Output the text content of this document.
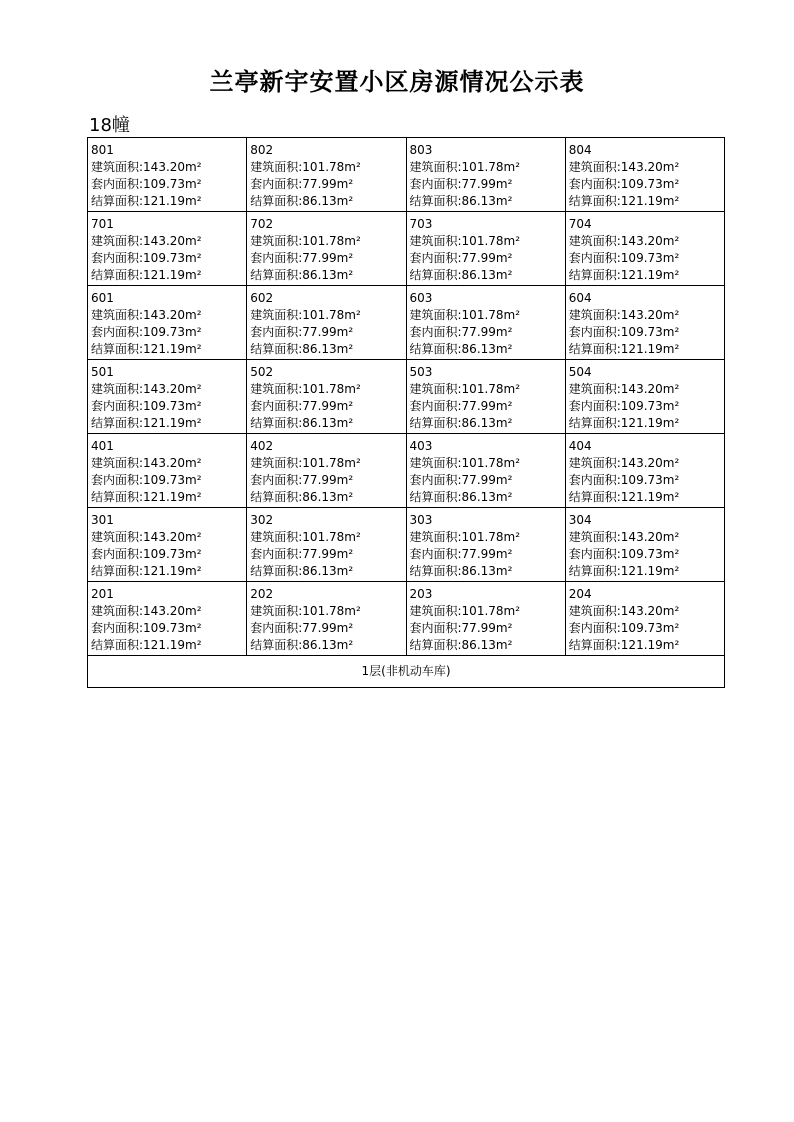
兰亭新宇安置小区房源情况公示表
18幢
801
建筑面积:143.20m²
套内面积:109.73m²
结算面积:121.19m²	802
建筑面积:101.78m²
套内面积:77.99m²
结算面积:86.13m²	803
建筑面积:101.78m²
套内面积:77.99m²
结算面积:86.13m²	804
建筑面积:143.20m²
套内面积:109.73m²
结算面积:121.19m²

701
建筑面积:143.20m²
套内面积:109.73m²
结算面积:121.19m²	702
建筑面积:101.78m²
套内面积:77.99m²
结算面积:86.13m²	703
建筑面积:101.78m²
套内面积:77.99m²
结算面积:86.13m²	704
建筑面积:143.20m²
套内面积:109.73m²
结算面积:121.19m²

601
建筑面积:143.20m²
套内面积:109.73m²
结算面积:121.19m²	602
建筑面积:101.78m²
套内面积:77.99m²
结算面积:86.13m²	603
建筑面积:101.78m²
套内面积:77.99m²
结算面积:86.13m²	604
建筑面积:143.20m²
套内面积:109.73m²
结算面积:121.19m²

501
建筑面积:143.20m²
套内面积:109.73m²
结算面积:121.19m²	502
建筑面积:101.78m²
套内面积:77.99m²
结算面积:86.13m²	503
建筑面积:101.78m²
套内面积:77.99m²
结算面积:86.13m²	504
建筑面积:143.20m²
套内面积:109.73m²
结算面积:121.19m²

401
建筑面积:143.20m²
套内面积:109.73m²
结算面积:121.19m²	402
建筑面积:101.78m²
套内面积:77.99m²
结算面积:86.13m²	403
建筑面积:101.78m²
套内面积:77.99m²
结算面积:86.13m²	404
建筑面积:143.20m²
套内面积:109.73m²
结算面积:121.19m²

301
建筑面积:143.20m²
套内面积:109.73m²
结算面积:121.19m²	302
建筑面积:101.78m²
套内面积:77.99m²
结算面积:86.13m²	303
建筑面积:101.78m²
套内面积:77.99m²
结算面积:86.13m²	304
建筑面积:143.20m²
套内面积:109.73m²
结算面积:121.19m²

201
建筑面积:143.20m²
套内面积:109.73m²
结算面积:121.19m²	202
建筑面积:101.78m²
套内面积:77.99m²
结算面积:86.13m²	203
建筑面积:101.78m²
套内面积:77.99m²
结算面积:86.13m²	204
建筑面积:143.20m²
套内面积:109.73m²
结算面积:121.19m²

1层(非机动车库)			
